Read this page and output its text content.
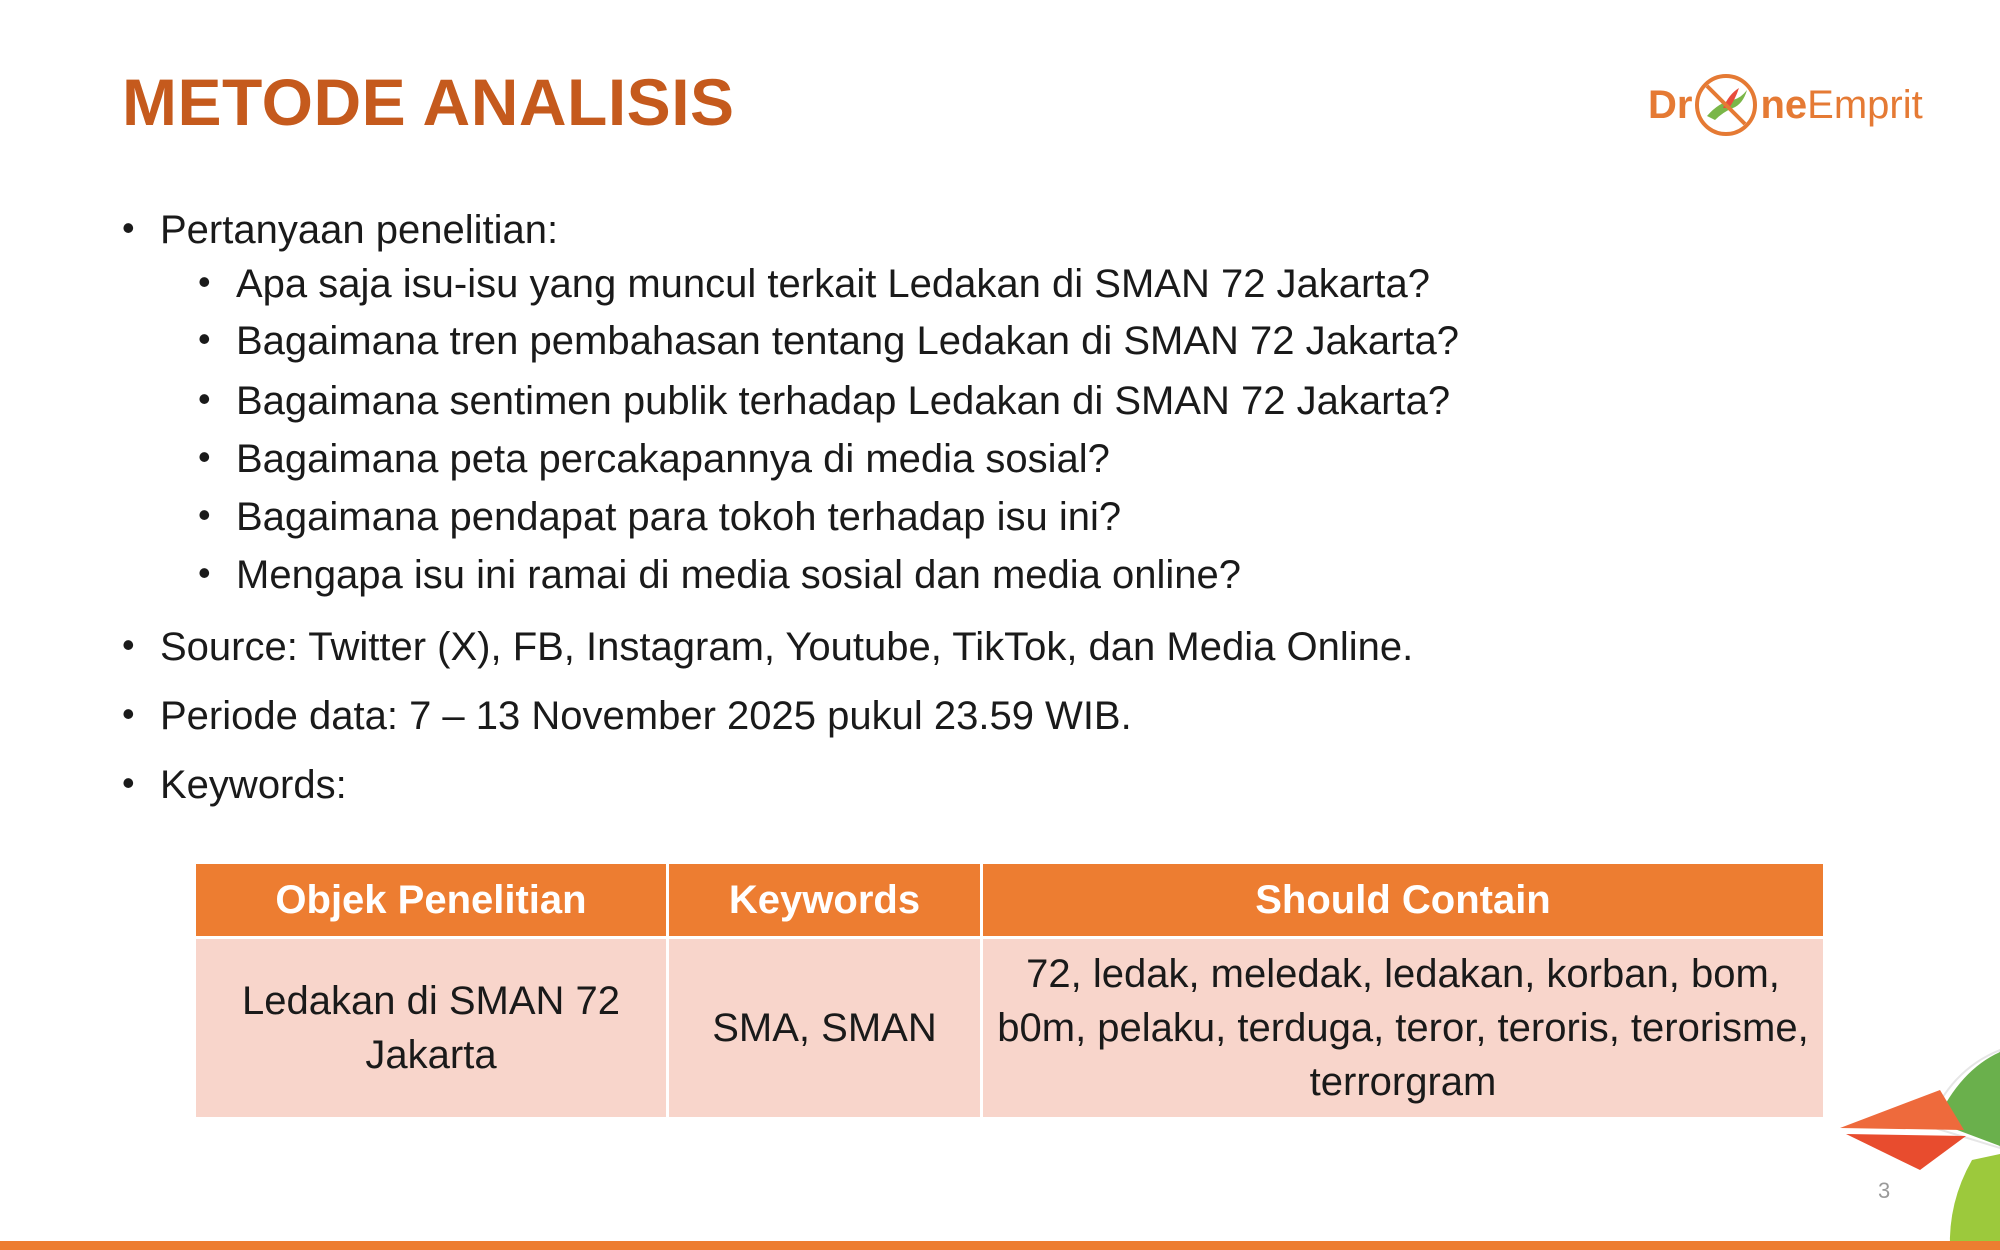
METODE ANALISIS	Dr ne Emprit
• Pertanyaan penelitian:
• Apa saja isu-isu yang muncul terkait Ledakan di SMAN 72 Jakarta?
• Bagaimana tren pembahasan tentang Ledakan di SMAN 72 Jakarta?
• Bagaimana sentimen publik terhadap Ledakan di SMAN 72 Jakarta?
• Bagaimana peta percakapannya di media sosial?
• Bagaimana pendapat para tokoh terhadap isu ini?
• Mengapa isu ini ramai di media sosial dan media online?
• Source: Twitter (X), FB, Instagram, Youtube, TikTok, dan Media Online.
• Periode data: 7 – 13 November 2025 pukul 23.59 WIB.
• Keywords:
Objek Penelitian	Keywords	Should Contain
Ledakan di SMAN 72 Jakarta	SMA, SMAN	72, ledak, meledak, ledakan, korban, bom, b0m, pelaku, terduga, teror, teroris, terorisme, terrorgram
3
